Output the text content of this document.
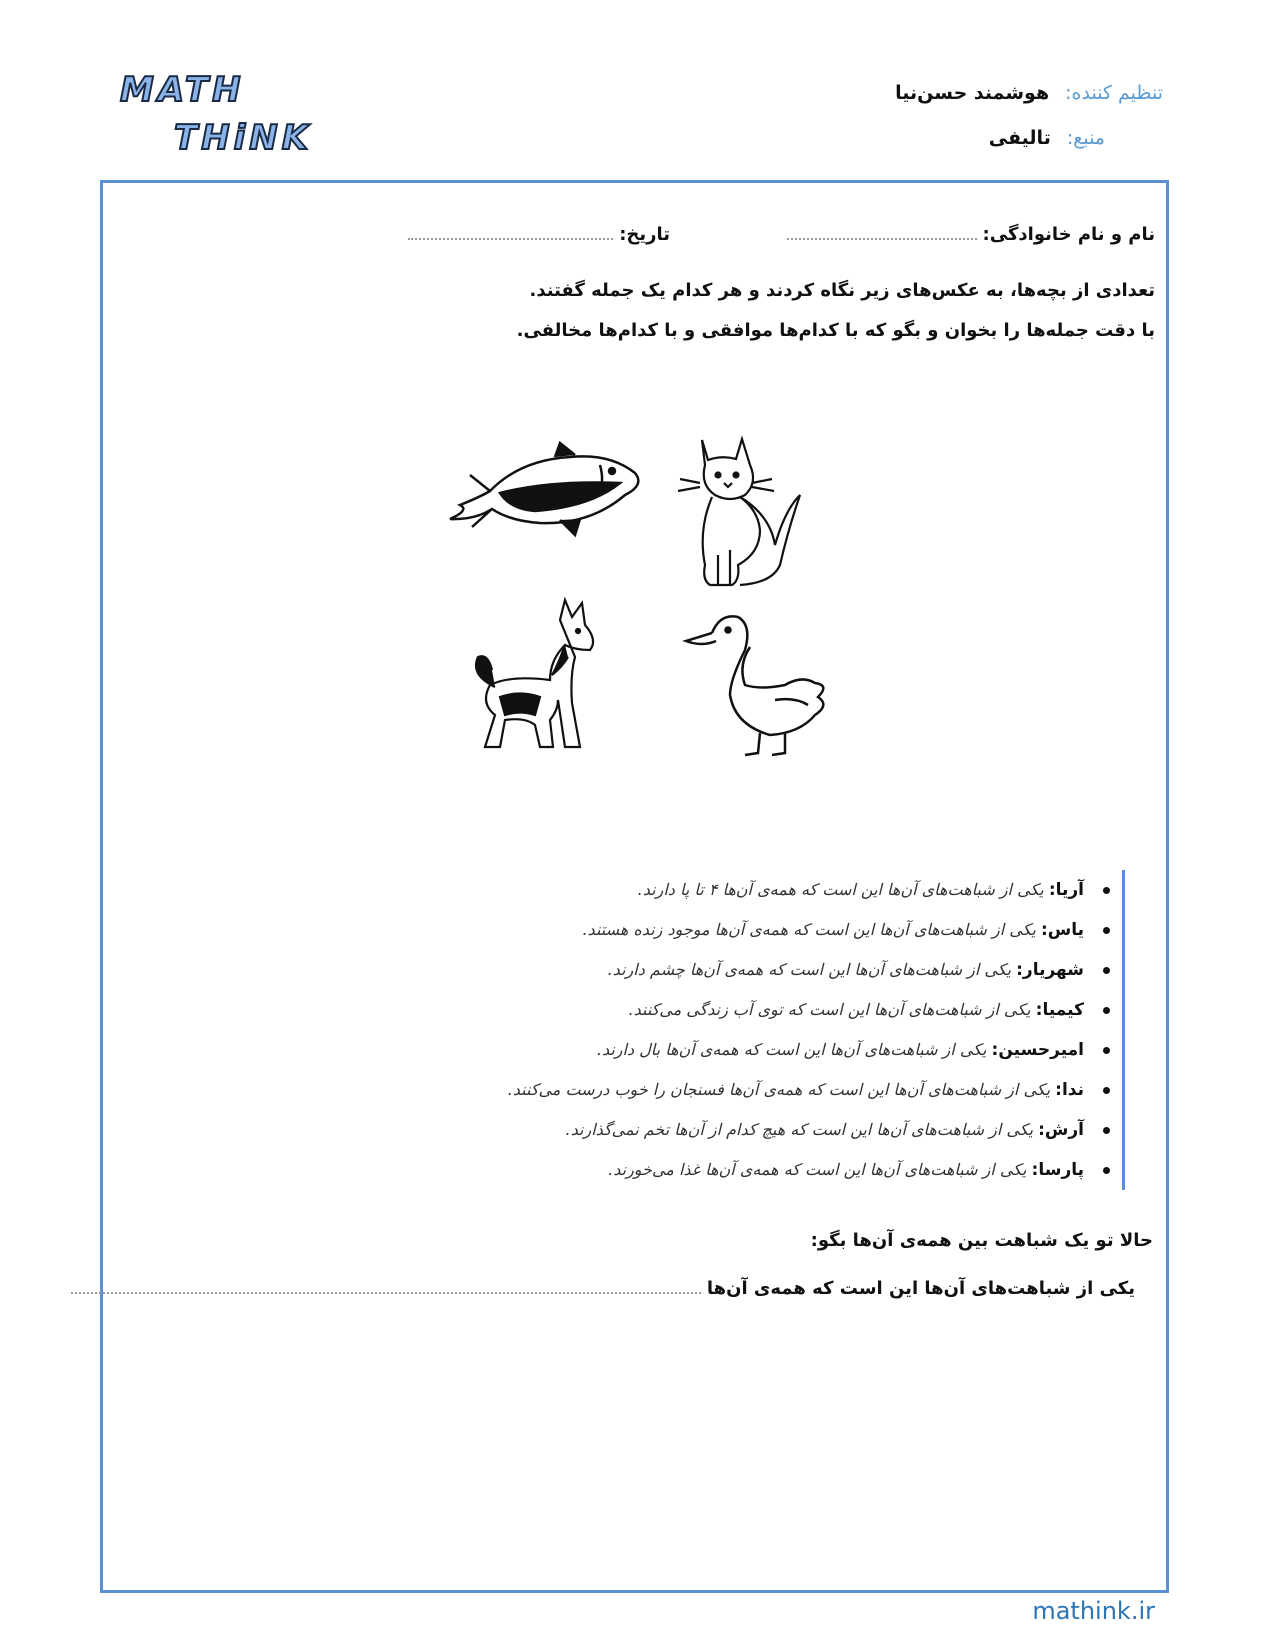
MATH
THiNK
تنظیم کننده:هوشمند حسن‌نیا
منبع:تالیفی
نام و نام خانوادگی:
تاریخ:
تعدادی از بچه‌ها، به عکس‌های زیر نگاه کردند و هر کدام یک جمله گفتند.
با دقت جمله‌ها را بخوان و بگو که با کدام‌ها موافقی و با کدام‌ها مخالفی.
آریا: یکی از شباهت‌های آن‌ها این است که همه‌ی آن‌ها ۴ تا پا دارند.
یاس: یکی از شباهت‌های آن‌ها این است که همه‌ی آن‌ها موجود زنده هستند.
شهریار: یکی از شباهت‌های آن‌ها این است که همه‌ی آن‌ها چشم دارند.
کیمیا: یکی از شباهت‌های آن‌ها این است که توی آب زندگی می‌کنند.
امیرحسین: یکی از شباهت‌های آن‌ها این است که همه‌ی آن‌ها بال دارند.
ندا: یکی از شباهت‌های آن‌ها این است که همه‌ی آن‌ها فسنجان را خوب درست می‌کنند.
آرش: یکی از شباهت‌های آن‌ها این است که هیچ کدام از آن‌ها تخم نمی‌گذارند.
پارسا: یکی از شباهت‌های آن‌ها این است که همه‌ی آن‌ها غذا می‌خورند.
حالا تو یک شباهت بین همه‌ی آن‌ها بگو:
یکی از شباهت‌های آن‌ها این است که همه‌ی آن‌ها
mathink.ir
